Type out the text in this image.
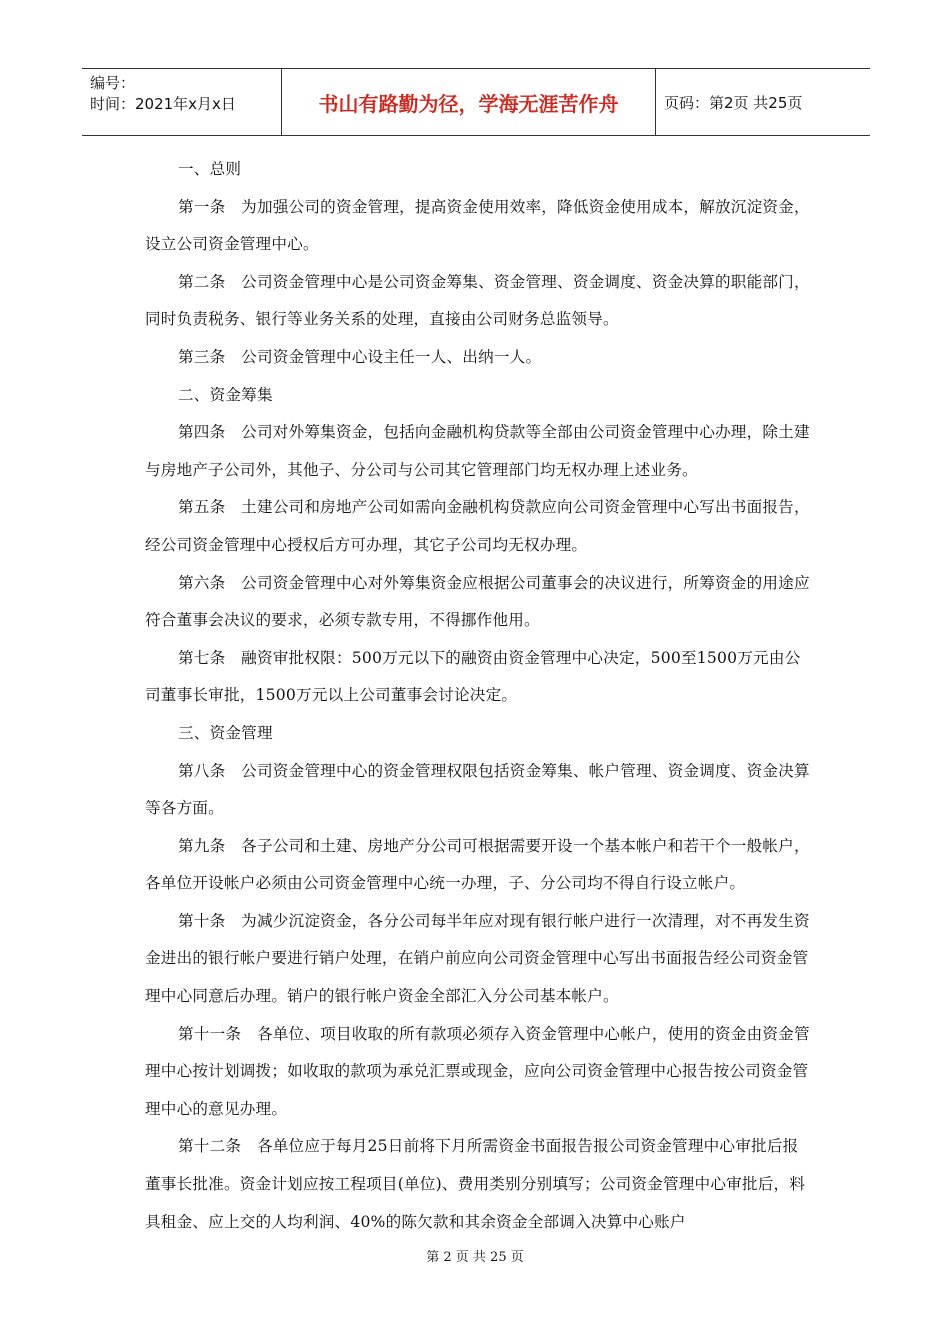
编号：
时间：2021年x月x日	书山有路勤为径，学海无涯苦作舟	页码：第2页 共25页

一、总则

第一条　为加强公司的资金管理，提高资金使用效率，降低资金使用成本，解放沉淀资金，设立公司资金管理中心。

第二条　公司资金管理中心是公司资金筹集、资金管理、资金调度、资金决算的职能部门，同时负责税务、银行等业务关系的处理，直接由公司财务总监领导。

第三条　公司资金管理中心设主任一人、出纳一人。

二、资金筹集

第四条　公司对外筹集资金，包括向金融机构贷款等全部由公司资金管理中心办理，除土建与房地产子公司外，其他子、分公司与公司其它管理部门均无权办理上述业务。

第五条　土建公司和房地产公司如需向金融机构贷款应向公司资金管理中心写出书面报告，经公司资金管理中心授权后方可办理，其它子公司均无权办理。

第六条　公司资金管理中心对外筹集资金应根据公司董事会的决议进行，所筹资金的用途应符合董事会决议的要求，必须专款专用，不得挪作他用。

第七条　融资审批权限：500万元以下的融资由资金管理中心决定，500至1500万元由公司董事长审批，1500万元以上公司董事会讨论决定。

三、资金管理

第八条　公司资金管理中心的资金管理权限包括资金筹集、帐户管理、资金调度、资金决算等各方面。

第九条　各子公司和土建、房地产分公司可根据需要开设一个基本帐户和若干个一般帐户，各单位开设帐户必须由公司资金管理中心统一办理，子、分公司均不得自行设立帐户。

第十条　为减少沉淀资金，各分公司每半年应对现有银行帐户进行一次清理，对不再发生资金进出的银行帐户要进行销户处理，在销户前应向公司资金管理中心写出书面报告经公司资金管理中心同意后办理。销户的银行帐户资金全部汇入分公司基本帐户。

第十一条　各单位、项目收取的所有款项必须存入资金管理中心帐户，使用的资金由资金管理中心按计划调拨；如收取的款项为承兑汇票或现金，应向公司资金管理中心报告按公司资金管理中心的意见办理。

第十二条　各单位应于每月25日前将下月所需资金书面报告报公司资金管理中心审批后报董事长批准。资金计划应按工程项目(单位)、费用类别分别填写；公司资金管理中心审批后，料具租金、应上交的人均利润、40%的陈欠款和其余资金全部调入决算中心账户

第 2 页 共 25 页
